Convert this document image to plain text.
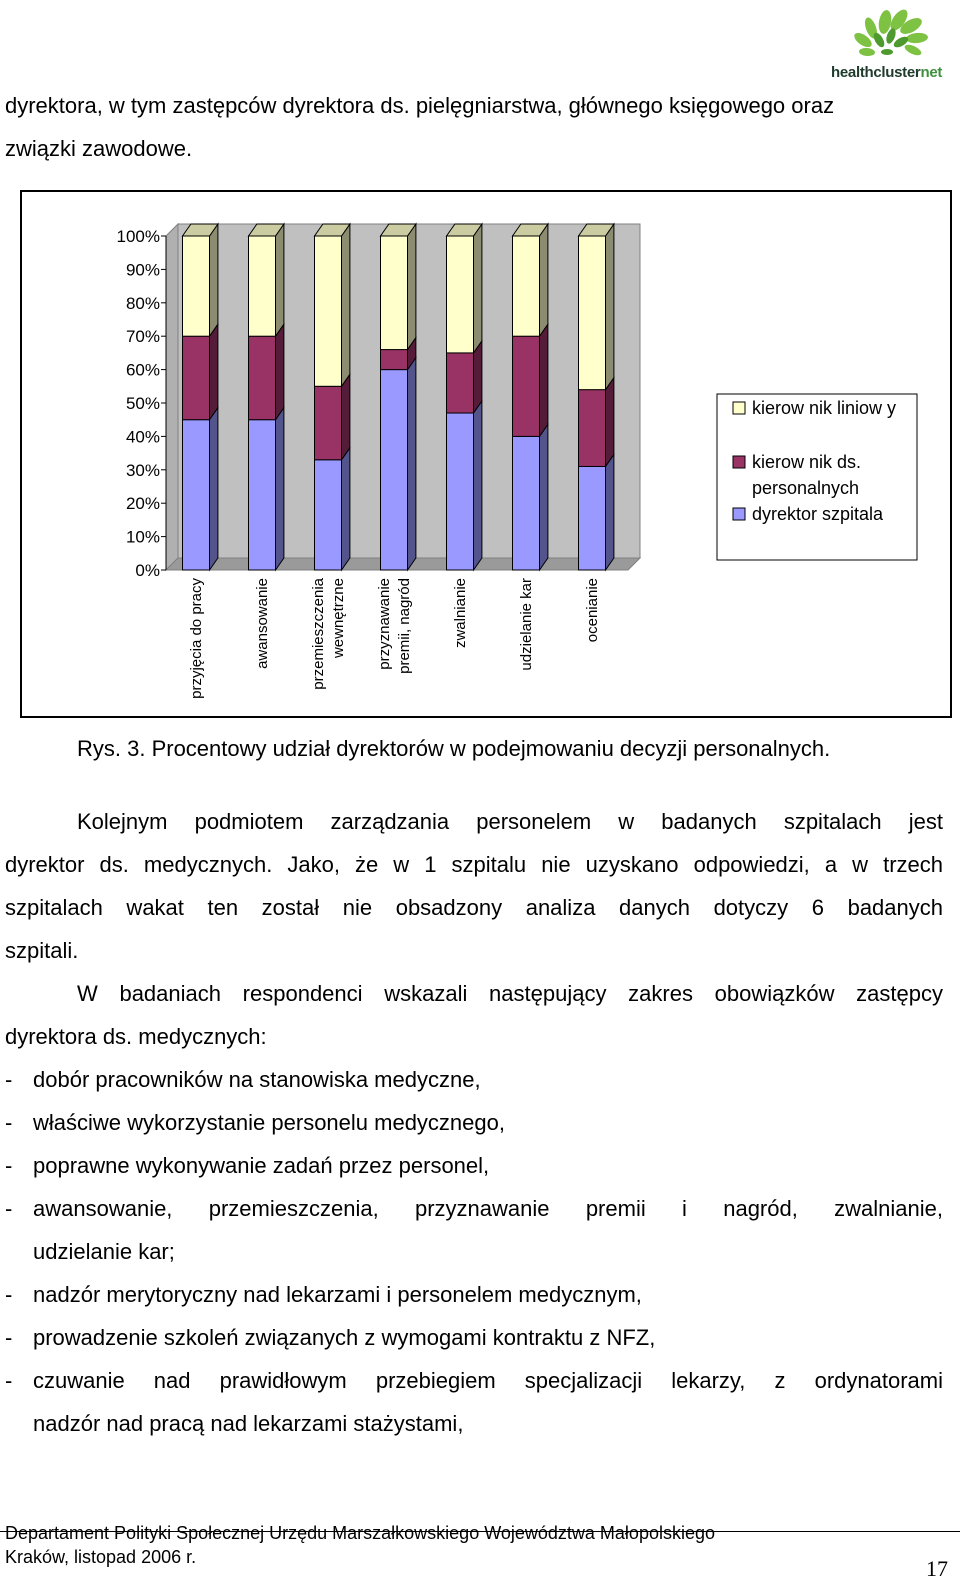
healthclusternet
dyrektora, w tym zastępców dyrektora ds. pielęgniarstwa, głównego księgowego oraz
związki zawodowe.
0%
10%
20%
30%
40%
50%
60%
70%
80%
90%
100%
przyjęcia do pracy	awansowanie	przemieszczenia wewnętrzne przyznawanie premii, nagród	zwalnianie	udzielanie kar	ocenianie
kierow nik liniow y
kierow nik ds.
personalnych
dyrektor szpitala
Rys. 3. Procentowy udział dyrektorów w podejmowaniu decyzji personalnych.
Kolejnym podmiotem zarządzania personelem w badanych szpitalach jest
dyrektor ds. medycznych. Jako, że w 1 szpitalu nie uzyskano odpowiedzi, a w trzech
szpitalach wakat ten został nie obsadzony analiza danych dotyczy 6 badanych
szpitali.
W badaniach respondenci wskazali następujący zakres obowiązków zastępcy
dyrektora ds. medycznych:
- dobór pracowników na stanowiska medyczne,
- właściwe wykorzystanie personelu medycznego,
- poprawne wykonywanie zadań przez personel,
- awansowanie, przemieszczenia, przyznawanie premii i nagród, zwalnianie,
udzielanie kar;
- nadzór merytoryczny nad lekarzami i personelem medycznym,
- prowadzenie szkoleń związanych z wymogami kontraktu z NFZ,
- czuwanie nad prawidłowym przebiegiem specjalizacji lekarzy, z ordynatorami
nadzór nad pracą nad lekarzami stażystami,
Departament Polityki Społecznej Urzędu Marszałkowskiego Województwa Małopolskiego
Kraków, listopad 2006 r.	17
